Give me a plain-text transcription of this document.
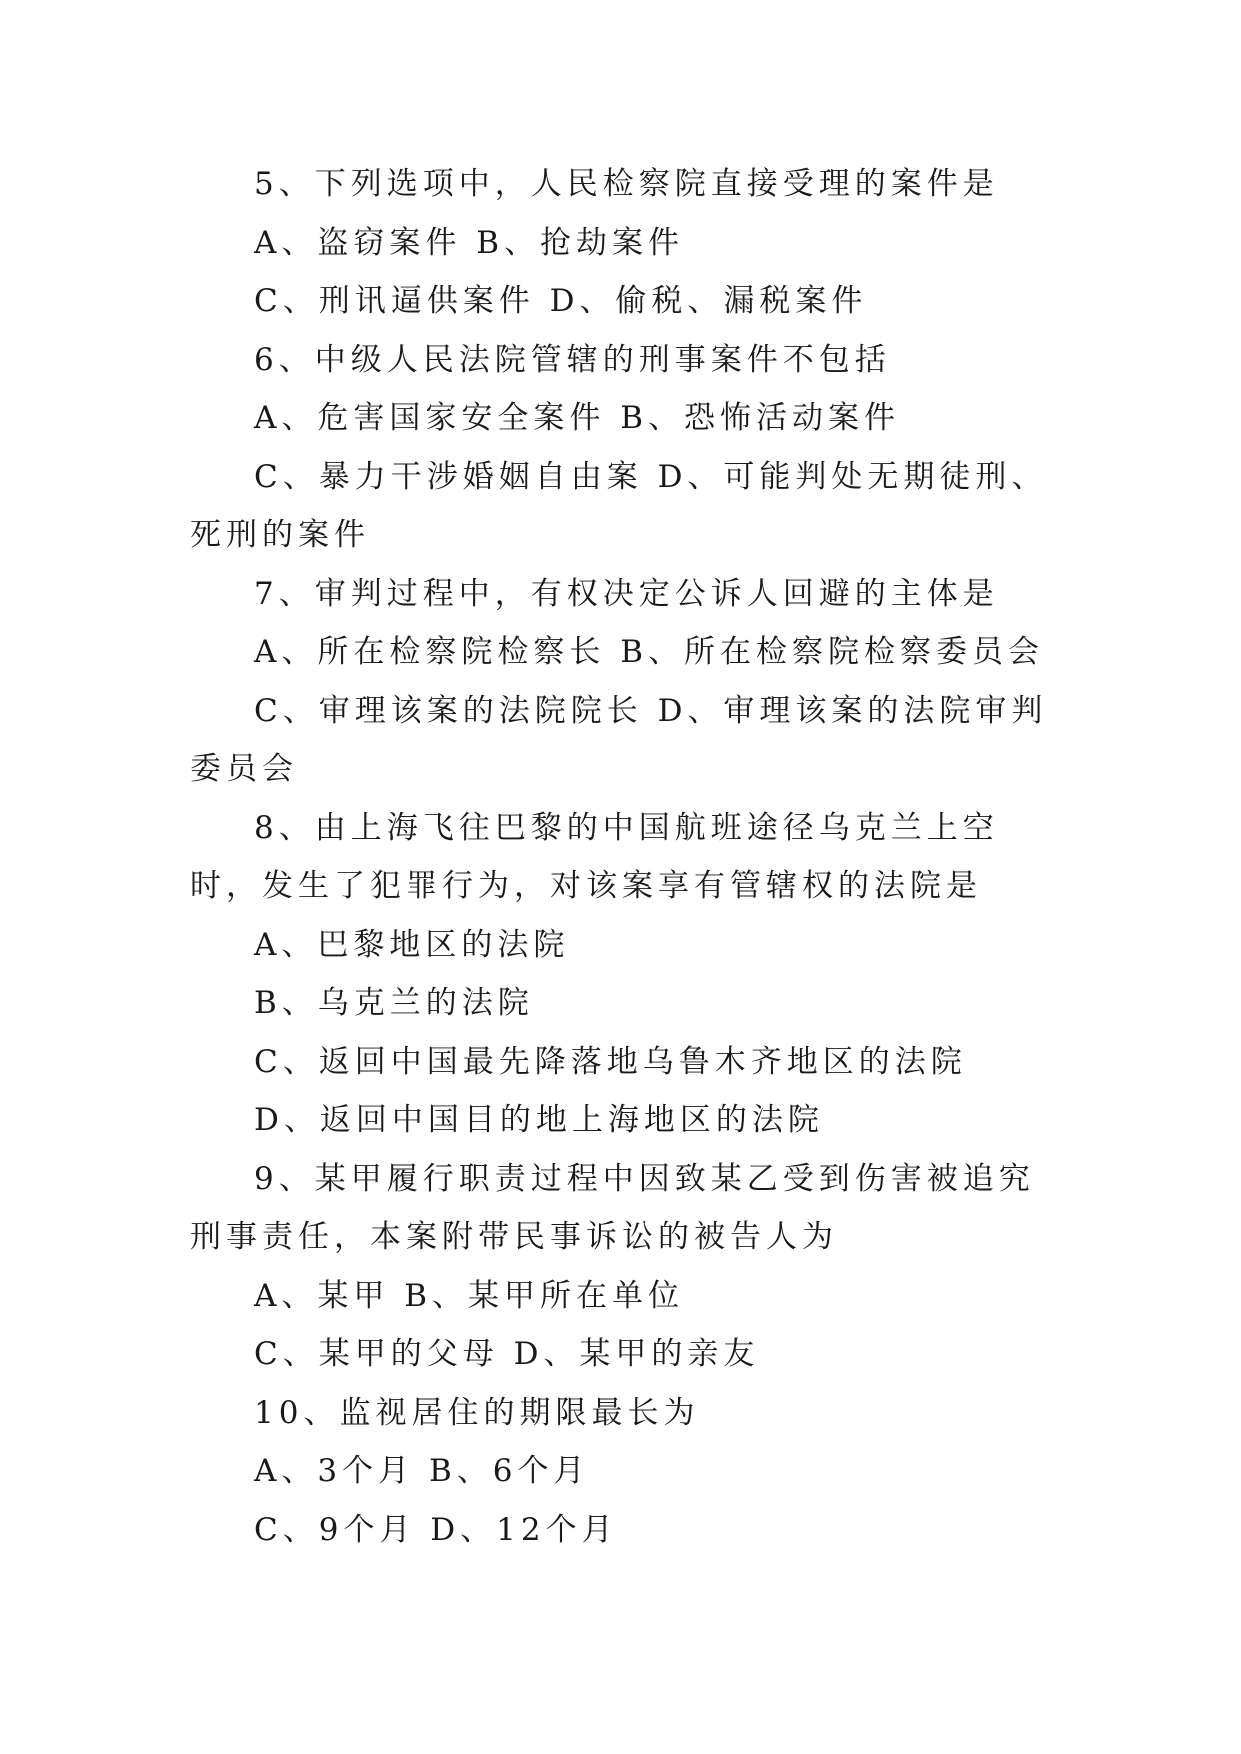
5、下列选项中，人民检察院直接受理的案件是

A、盗窃案件 B、抢劫案件

C、刑讯逼供案件 D、偷税、漏税案件

6、中级人民法院管辖的刑事案件不包括

A、危害国家安全案件 B、恐怖活动案件

C、暴力干涉婚姻自由案 D、可能判处无期徒刑、死刑的案件

7、审判过程中，有权决定公诉人回避的主体是

A、所在检察院检察长 B、所在检察院检察委员会

C、审理该案的法院院长 D、审理该案的法院审判委员会

8、由上海飞往巴黎的中国航班途径乌克兰上空时，发生了犯罪行为，对该案享有管辖权的法院是

A、巴黎地区的法院

B、乌克兰的法院

C、返回中国最先降落地乌鲁木齐地区的法院

D、返回中国目的地上海地区的法院

9、某甲履行职责过程中因致某乙受到伤害被追究刑事责任，本案附带民事诉讼的被告人为

A、某甲 B、某甲所在单位

C、某甲的父母 D、某甲的亲友

10、监视居住的期限最长为

A、3个月 B、6个月

C、9个月 D、12个月
